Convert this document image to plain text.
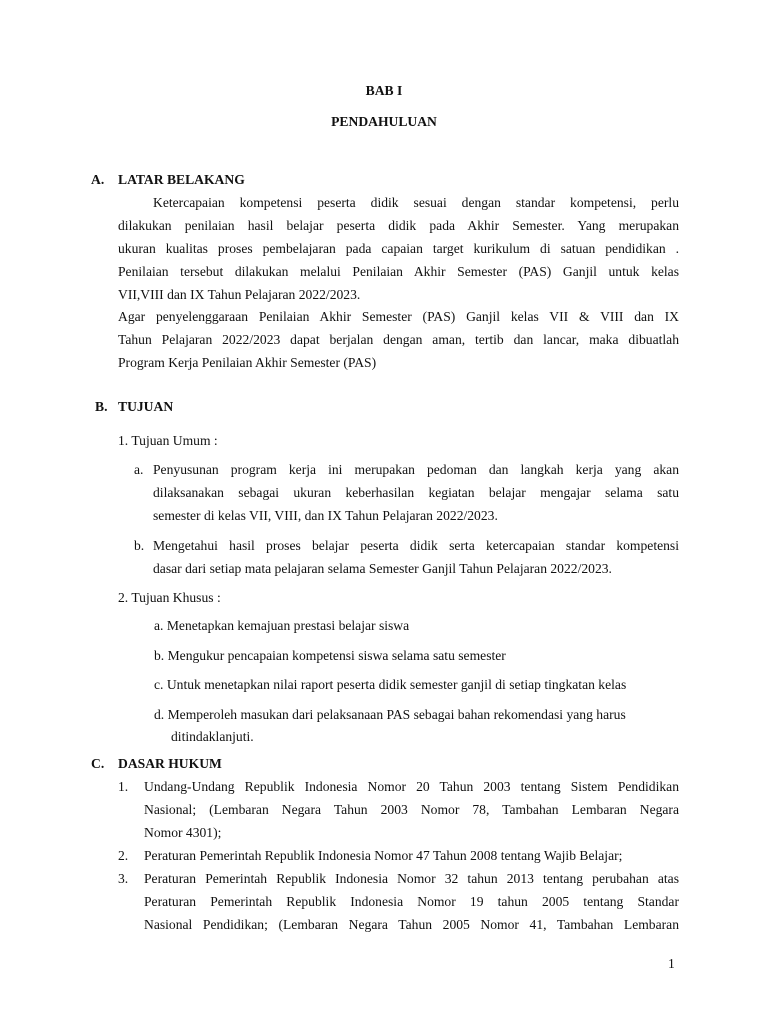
BAB I
PENDAHULUAN
A. LATAR BELAKANG
Ketercapaian kompetensi peserta didik sesuai dengan standar kompetensi, perlu
dilakukan penilaian hasil belajar peserta didik pada Akhir Semester. Yang merupakan
ukuran kualitas proses pembelajaran pada capaian target kurikulum di satuan pendidikan .
Penilaian tersebut dilakukan melalui Penilaian Akhir Semester (PAS) Ganjil untuk kelas
VII,VIII dan IX Tahun Pelajaran 2022/2023.
Agar penyelenggaraan Penilaian Akhir Semester (PAS) Ganjil kelas VII & VIII dan IX
Tahun Pelajaran 2022/2023 dapat berjalan dengan aman, tertib dan lancar, maka dibuatlah
Program Kerja Penilaian Akhir Semester (PAS)
B. TUJUAN
1. Tujuan Umum :
a. Penyusunan program kerja ini merupakan pedoman dan langkah kerja yang akan
dilaksanakan sebagai ukuran keberhasilan kegiatan belajar mengajar selama satu
semester di kelas VII, VIII, dan IX Tahun Pelajaran 2022/2023.
b. Mengetahui hasil proses belajar peserta didik serta ketercapaian standar kompetensi
dasar dari setiap mata pelajaran selama Semester Ganjil Tahun Pelajaran 2022/2023.
2. Tujuan Khusus :
a. Menetapkan kemajuan prestasi belajar siswa
b. Mengukur pencapaian kompetensi siswa selama satu semester
c. Untuk menetapkan nilai raport peserta didik semester ganjil di setiap tingkatan kelas
d. Memperoleh masukan dari pelaksanaan PAS sebagai bahan rekomendasi yang harus
ditindaklanjuti.
C. DASAR HUKUM
1. Undang-Undang Republik Indonesia Nomor 20 Tahun 2003 tentang Sistem Pendidikan
Nasional; (Lembaran Negara Tahun 2003 Nomor 78, Tambahan Lembaran Negara
Nomor 4301);
2. Peraturan Pemerintah Republik Indonesia Nomor 47 Tahun 2008 tentang Wajib Belajar;
3. Peraturan Pemerintah Republik Indonesia Nomor 32 tahun 2013 tentang perubahan atas
Peraturan Pemerintah Republik Indonesia Nomor 19 tahun 2005 tentang Standar
Nasional Pendidikan; (Lembaran Negara Tahun 2005 Nomor 41, Tambahan Lembaran
1
